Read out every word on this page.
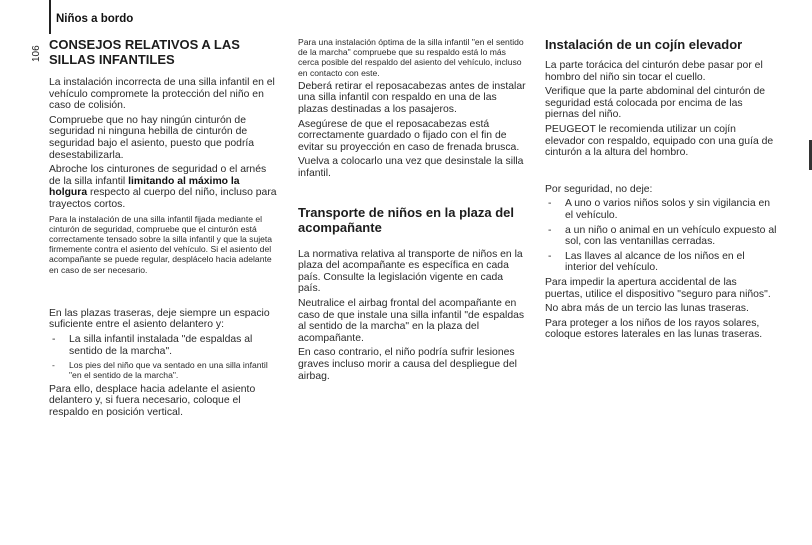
Niños a bordo
106
CONSEJOS RELATIVOS A LAS SILLAS INFANTILES

La instalación incorrecta de una silla infantil en el vehículo compromete la protección del niño en caso de colisión.

Compruebe que no hay ningún cinturón de seguridad ni ninguna hebilla de cinturón de seguridad bajo el asiento, puesto que podría desestabilizarla.

Abroche los cinturones de seguridad o el arnés de la silla infantil limitando al máximo la holgura respecto al cuerpo del niño, incluso para trayectos cortos.

Para la instalación de una silla infantil fijada mediante el cinturón de seguridad, compruebe que el cinturón está correctamente tensado sobre la silla infantil y que la sujeta firmemente contra el asiento del vehículo. Si el asiento del acompañante se puede regular, desplácelo hacia adelante en caso de ser necesario.

En las plazas traseras, deje siempre un espacio suficiente entre el asiento delantero y:

- La silla infantil instalada "de espaldas al sentido de la marcha".
- Los pies del niño que va sentado en una silla infantil "en el sentido de la marcha".

Para ello, desplace hacia adelante el asiento delantero y, si fuera necesario, coloque el respaldo en posición vertical.

Para una instalación óptima de la silla infantil "en el sentido de la marcha" compruebe que su respaldo está lo más cerca posible del respaldo del asiento del vehículo, incluso en contacto con este.

Deberá retirar el reposacabezas antes de instalar una silla infantil con respaldo en una de las plazas destinadas a los pasajeros.

Asegúrese de que el reposacabezas está correctamente guardado o fijado con el fin de evitar su proyección en caso de frenada brusca.

Vuelva a colocarlo una vez que desinstale la silla infantil.

Transporte de niños en la plaza del acompañante

La normativa relativa al transporte de niños en la plaza del acompañante es específica en cada país. Consulte la legislación vigente en cada país.

Neutralice el airbag frontal del acompañante en caso de que instale una silla infantil "de espaldas al sentido de la marcha" en la plaza del acompañante.

En caso contrario, el niño podría sufrir lesiones graves incluso morir a causa del despliegue del airbag.

Instalación de un cojín elevador

La parte torácica del cinturón debe pasar por el hombro del niño sin tocar el cuello.

Verifique que la parte abdominal del cinturón de seguridad está colocada por encima de las piernas del niño.

PEUGEOT le recomienda utilizar un cojín elevador con respaldo, equipado con una guía de cinturón a la altura del hombro.

Por seguridad, no deje:

- A uno o varios niños solos y sin vigilancia en el vehículo.
- a un niño o animal en un vehículo expuesto al sol, con las ventanillas cerradas.
- Las llaves al alcance de los niños en el interior del vehículo.

Para impedir la apertura accidental de las puertas, utilice el dispositivo "seguro para niños".

No abra más de un tercio las lunas traseras.

Para proteger a los niños de los rayos solares, coloque estores laterales en las lunas traseras.
